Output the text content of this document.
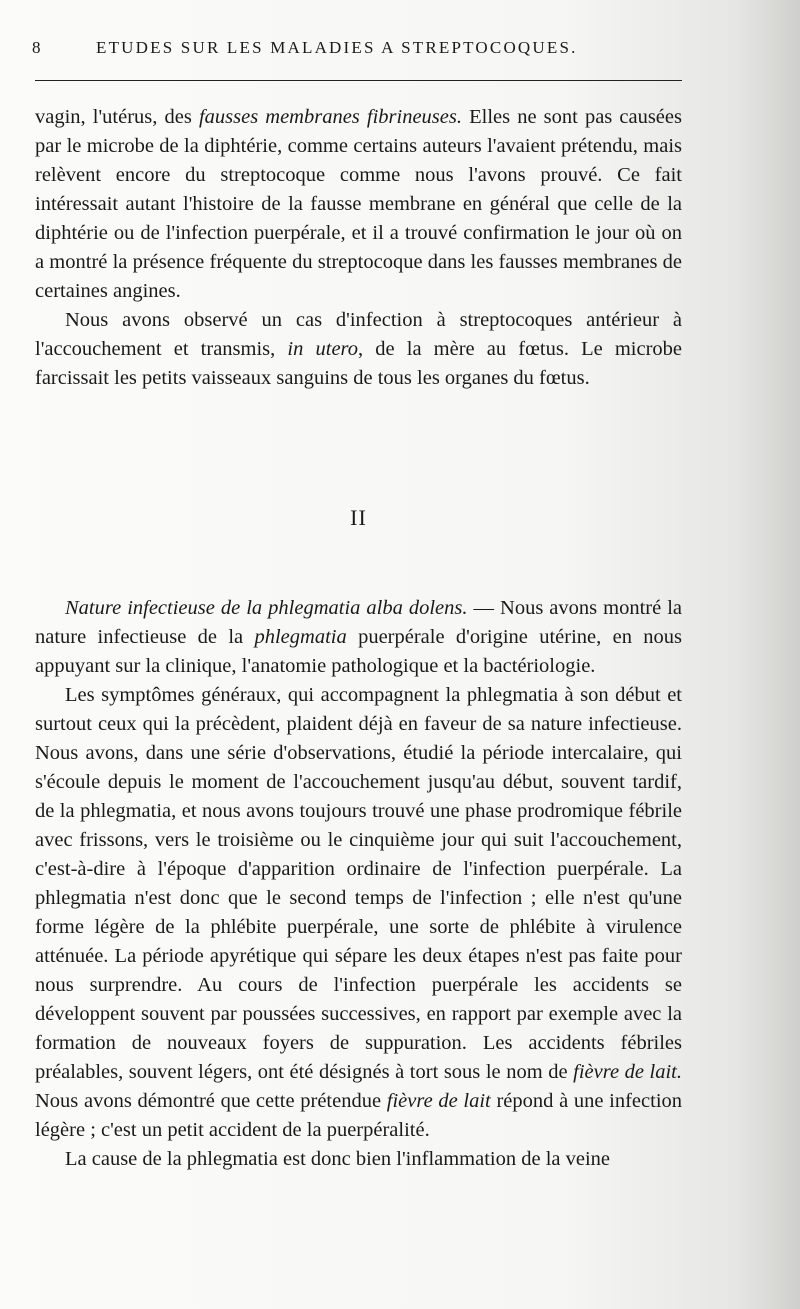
8	ETUDES SUR LES MALADIES A STREPTOCOQUES.

vagin, l'utérus, des fausses membranes fibrineuses. Elles ne sont pas causées par le microbe de la diphtérie, comme certains auteurs l'avaient prétendu, mais relèvent encore du streptocoque comme nous l'avons prouvé. Ce fait intéressait autant l'histoire de la fausse membrane en général que celle de la diphtérie ou de l'infection puerpérale, et il a trouvé confirmation le jour où on a montré la présence fréquente du streptocoque dans les fausses membranes de certaines angines.

Nous avons observé un cas d'infection à streptocoques antérieur à l'accouchement et transmis, in utero, de la mère au fœtus. Le microbe farcissait les petits vaisseaux sanguins de tous les organes du fœtus.

II

Nature infectieuse de la phlegmatia alba dolens. — Nous avons montré la nature infectieuse de la phlegmatia puerpérale d'origine utérine, en nous appuyant sur la clinique, l'anatomie pathologique et la bactériologie.

Les symptômes généraux, qui accompagnent la phlegmatia à son début et surtout ceux qui la précèdent, plaident déjà en faveur de sa nature infectieuse. Nous avons, dans une série d'observations, étudié la période intercalaire, qui s'écoule depuis le moment de l'accouchement jusqu'au début, souvent tardif, de la phlegmatia, et nous avons toujours trouvé une phase prodromique fébrile avec frissons, vers le troisième ou le cinquième jour qui suit l'accouchement, c'est-à-dire à l'époque d'apparition ordinaire de l'infection puerpérale. La phlegmatia n'est donc que le second temps de l'infection ; elle n'est qu'une forme légère de la phlébite puerpérale, une sorte de phlébite à virulence atténuée. La période apyrétique qui sépare les deux étapes n'est pas faite pour nous surprendre. Au cours de l'infection puerpérale les accidents se développent souvent par poussées successives, en rapport par exemple avec la formation de nouveaux foyers de suppuration. Les accidents fébriles préalables, souvent légers, ont été désignés à tort sous le nom de fièvre de lait. Nous avons démontré que cette prétendue fièvre de lait répond à une infection légère ; c'est un petit accident de la puerpéralité.

La cause de la phlegmatia est donc bien l'inflammation de la veine
